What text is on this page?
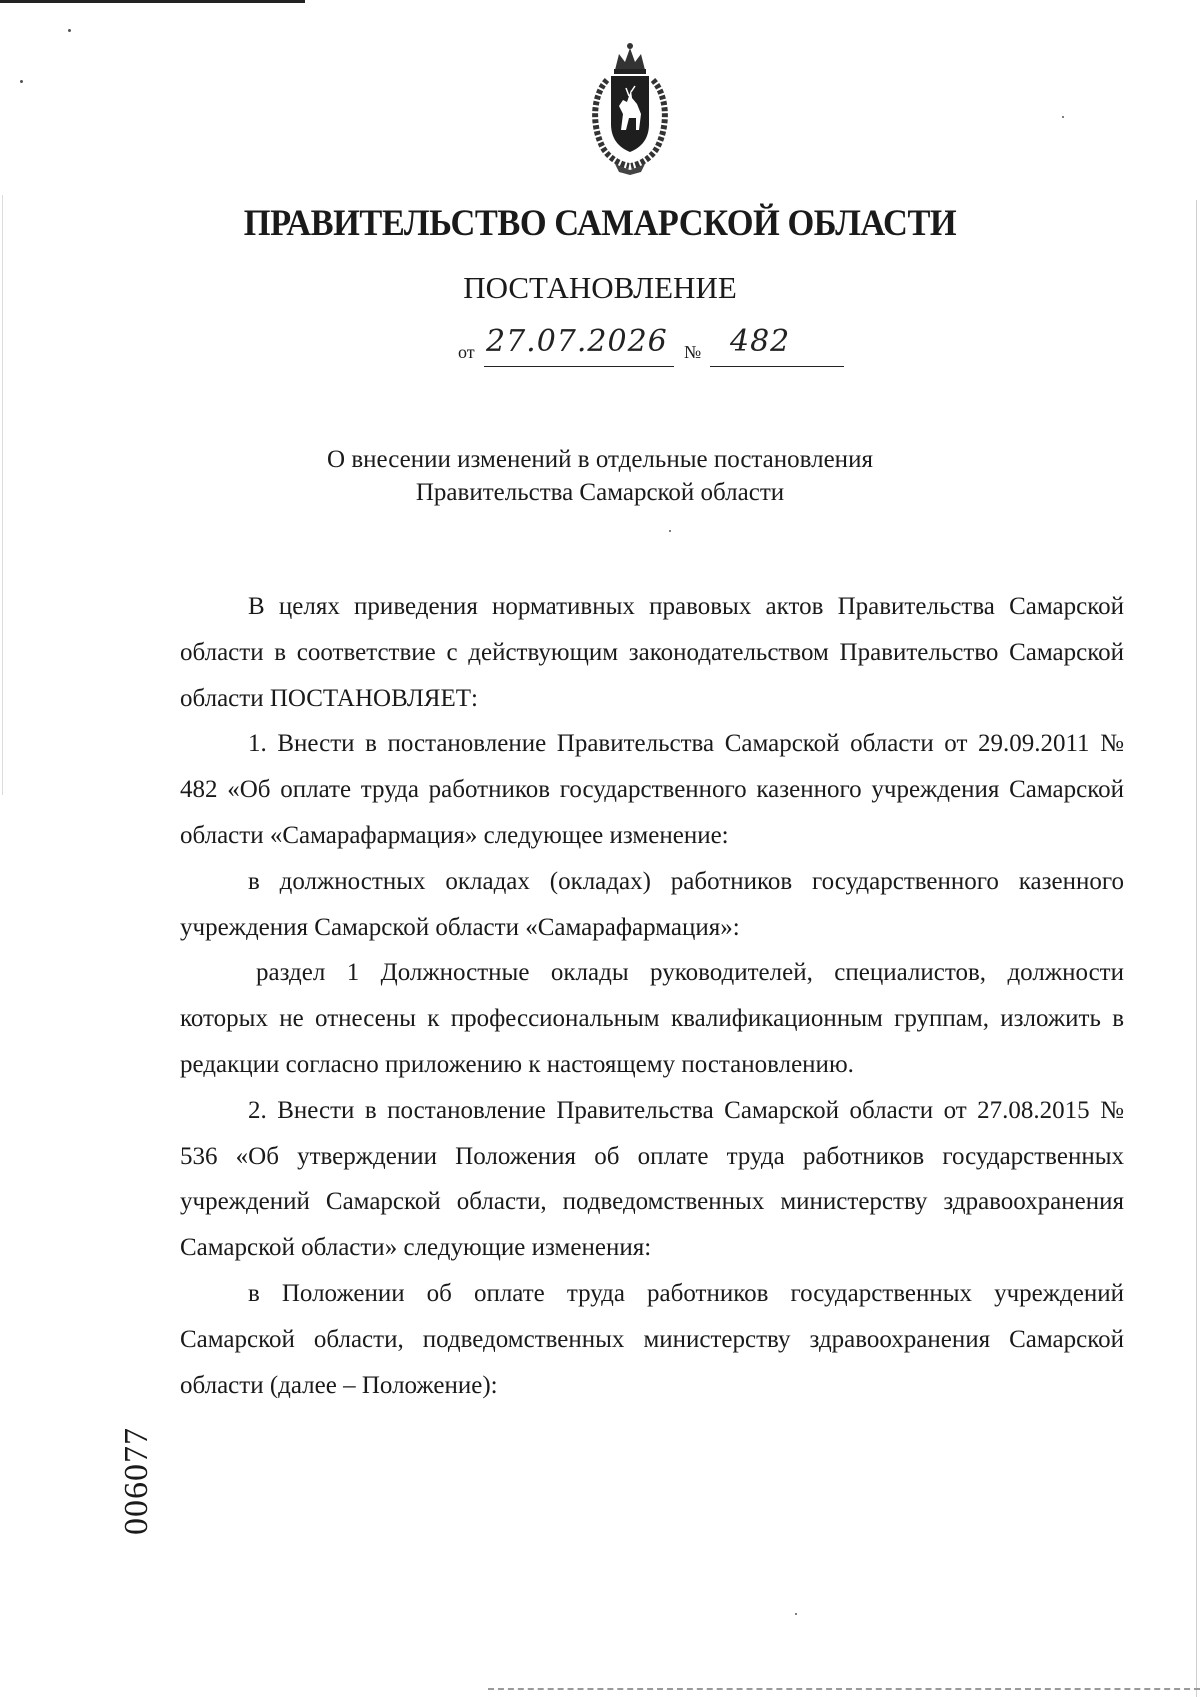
ПРАВИТЕЛЬСТВО САМАРСКОЙ ОБЛАСТИ
ПОСТАНОВЛЕНИЕ
от 27.07.2026 № 482
О внесении изменений в отдельные постановления
Правительства Самарской области

В целях приведения нормативных правовых актов Правительства Самарской области в соответствие с действующим законодательством Правительство Самарской области ПОСТАНОВЛЯЕТ:

1. Внести в постановление Правительства Самарской области от 29.09.2011 № 482 «Об оплате труда работников государственного казенного учреждения Самарской области «Самарафармация» следующее изменение:

в должностных окладах (окладах) работников государственного казенного учреждения Самарской области «Самарафармация»:

раздел 1 Должностные оклады руководителей, специалистов, должности которых не отнесены к профессиональным квалификационным группам, изложить в редакции согласно приложению к настоящему постановлению.

2. Внести в постановление Правительства Самарской области от 27.08.2015 № 536 «Об утверждении Положения об оплате труда работников государственных учреждений Самарской области, подведомственных министерству здравоохранения Самарской области» следующие изменения:

в Положении об оплате труда работников государственных учреждений Самарской области, подведомственных министерству здравоохранения Самарской области (далее – Положение):

006077
